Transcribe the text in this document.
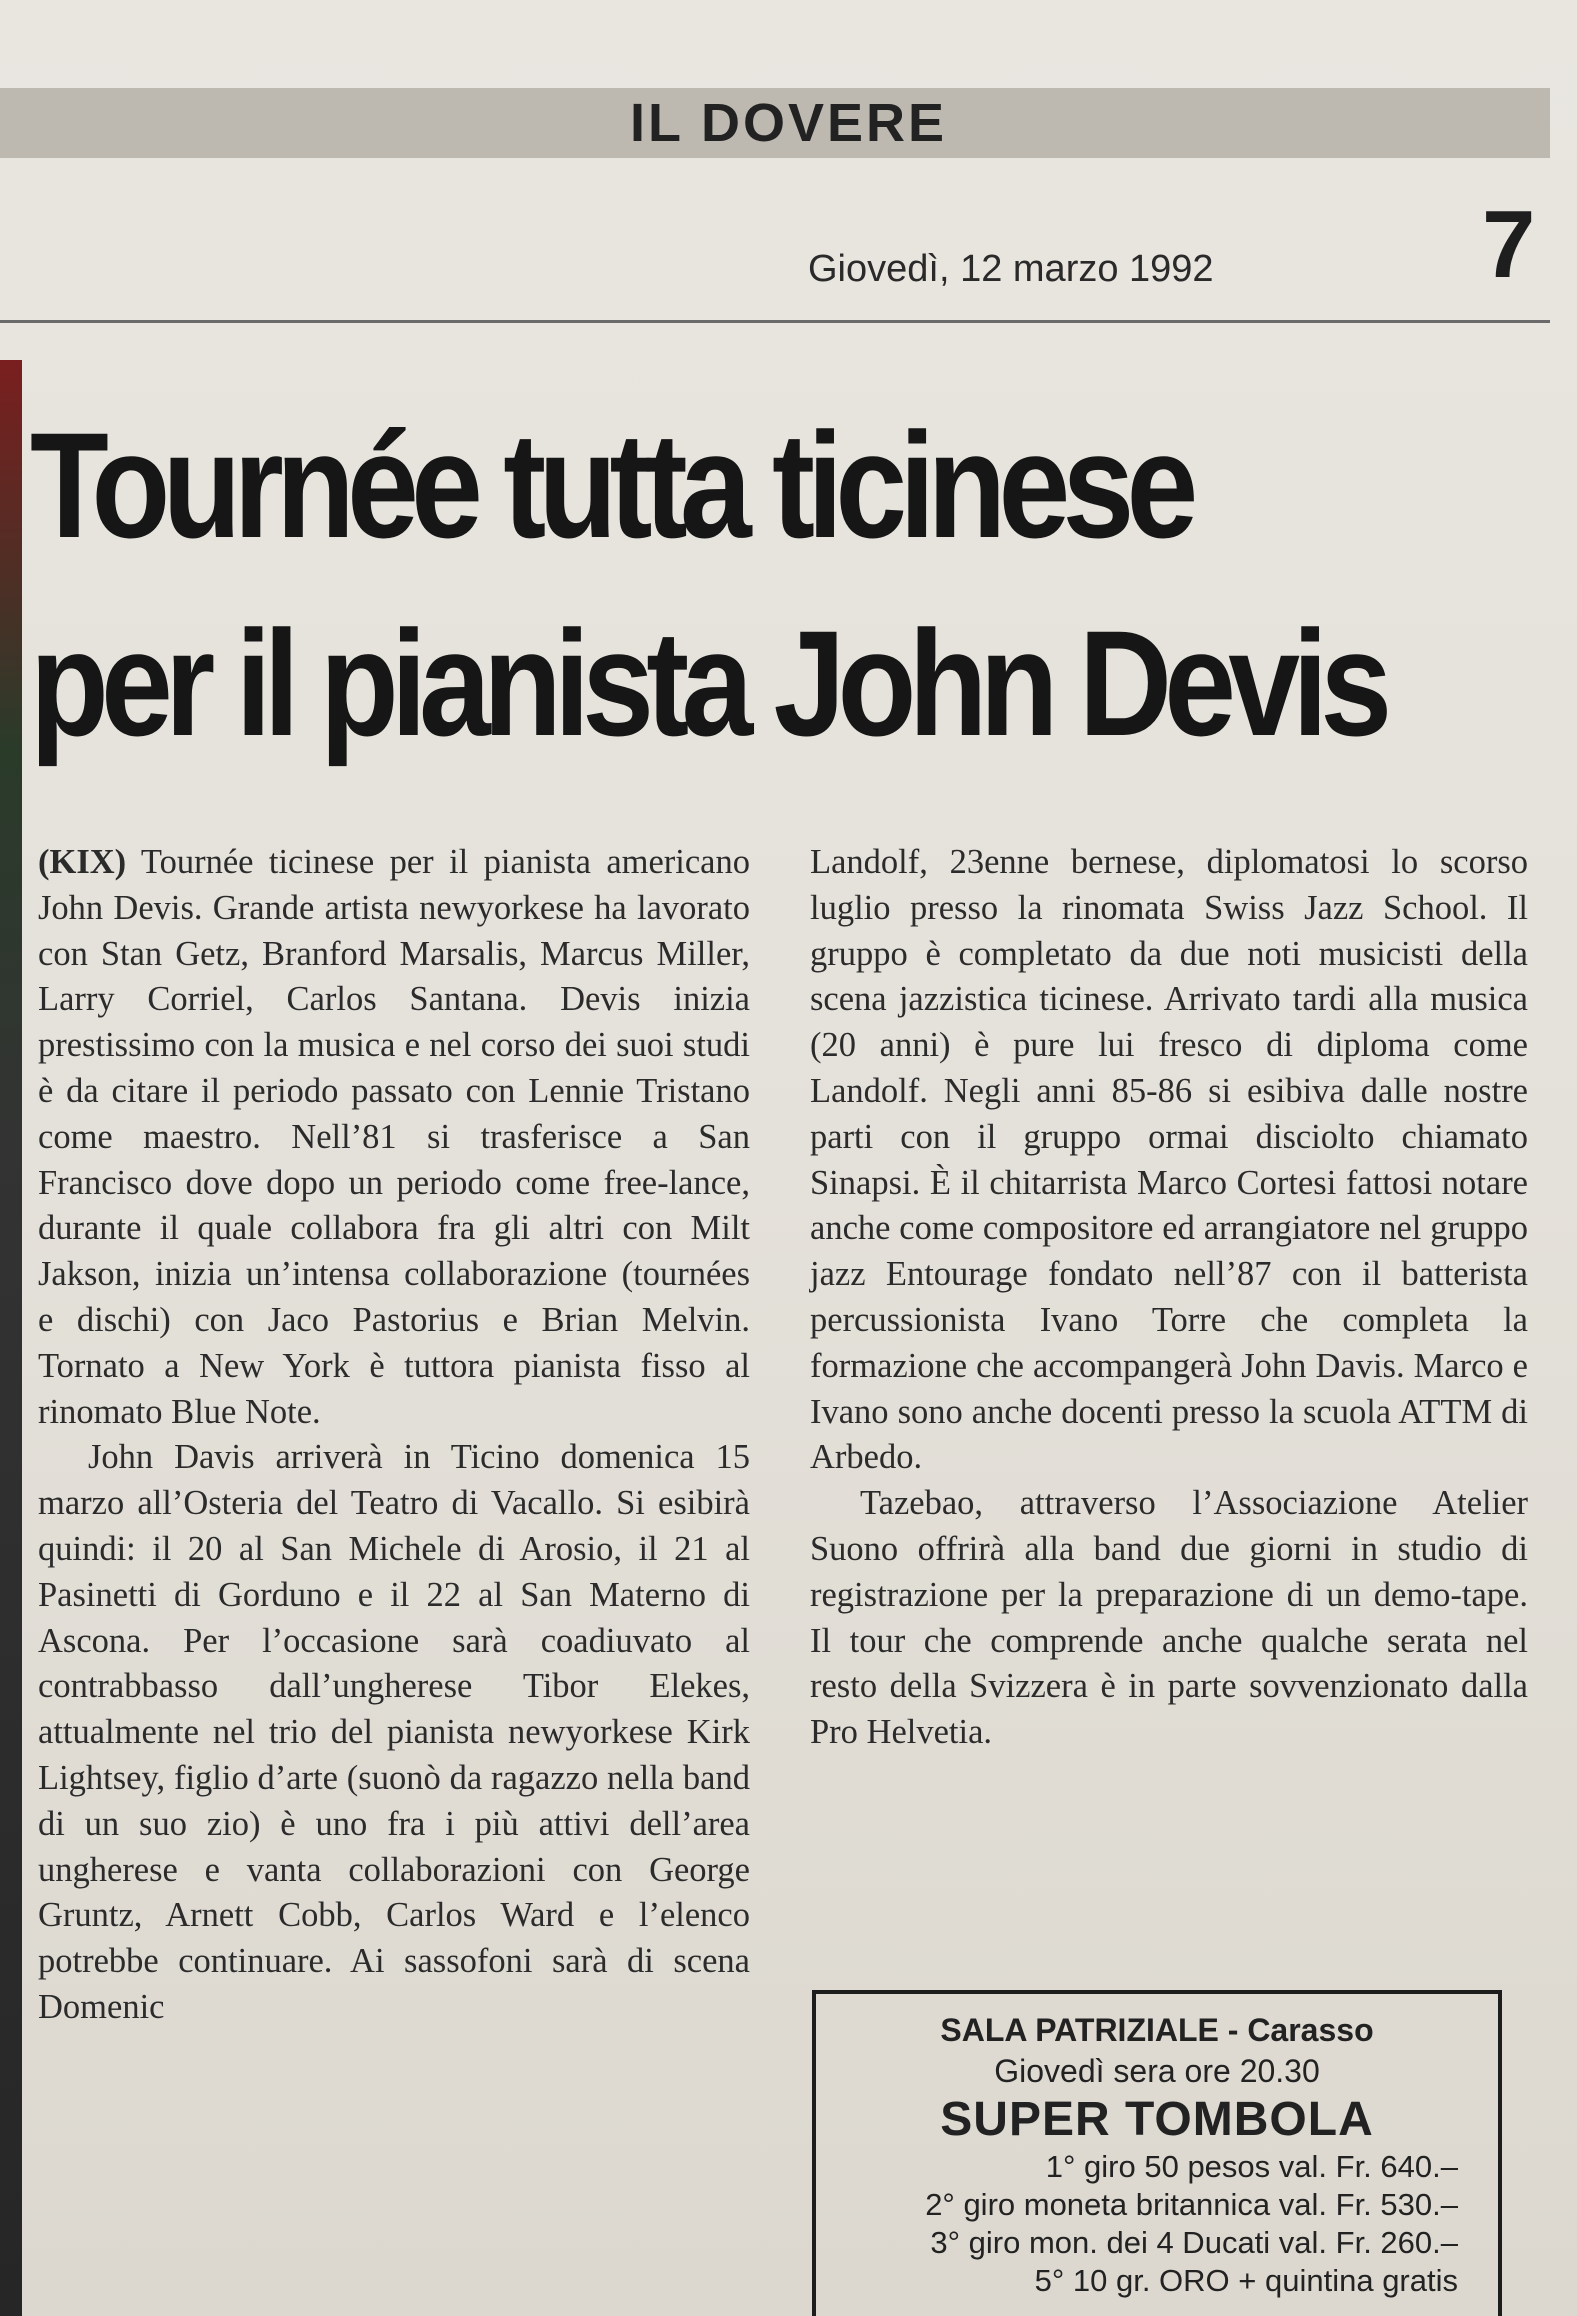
IL DOVERE
Giovedì, 12 marzo 1992	7
Tournée tutta ticinese
per il pianista John Devis

(KIX) Tournée ticinese per il pianista americano John Devis. Grande artista newyorkese ha lavorato con Stan Getz, Branford Marsalis, Marcus Miller, Larry Corriel, Carlos Santana. Devis inizia prestissimo con la musica e nel corso dei suoi studi è da citare il periodo passato con Lennie Tristano come maestro. Nell’81 si trasferisce a San Francisco dove dopo un periodo come free-lance, durante il quale collabora fra gli altri con Milt Jakson, inizia un’intensa collaborazione (tournées e dischi) con Jaco Pastorius e Brian Melvin. Tornato a New York è tuttora pianista fisso al rinomato Blue Note.

John Davis arriverà in Ticino domenica 15 marzo all’Osteria del Teatro di Vacallo. Si esibirà quindi: il 20 al San Michele di Arosio, il 21 al Pasinetti di Gorduno e il 22 al San Materno di Ascona. Per l’occasione sarà coadiuvato al contrabbasso dall’ungherese Tibor Elekes, attualmente nel trio del pianista newyorkese Kirk Lightsey, figlio d’arte (suonò da ragazzo nella band di un suo zio) è uno fra i più attivi dell’area ungherese e vanta collaborazioni con George Gruntz, Arnett Cobb, Carlos Ward e l’elenco potrebbe continuare. Ai sassofoni sarà di scena Domenic

Landolf, 23enne bernese, diplomatosi lo scorso luglio presso la rinomata Swiss Jazz School. Il gruppo è completato da due noti musicisti della scena jazzistica ticinese. Arrivato tardi alla musica (20 anni) è pure lui fresco di diploma come Landolf. Negli anni 85-86 si esibiva dalle nostre parti con il gruppo ormai disciolto chiamato Sinapsi. È il chitarrista Marco Cortesi fattosi notare anche come compositore ed arrangiatore nel gruppo jazz Entourage fondato nell’87 con il batterista percussionista Ivano Torre che completa la formazione che accompangerà John Davis. Marco e Ivano sono anche docenti presso la scuola ATTM di Arbedo.

Tazebao, attraverso l’Associazione Atelier Suono offrirà alla band due giorni in studio di registrazione per la preparazione di un demo-tape. Il tour che comprende anche qualche serata nel resto della Svizzera è in parte sovvenzionato dalla Pro Helvetia.

SALA PATRIZIALE - Carasso
Giovedì sera ore 20.30
SUPER TOMBOLA
1° giro 50 pesos val. Fr. 640.–
2° giro moneta britannica val. Fr. 530.–
3° giro mon. dei 4 Ducati val. Fr. 260.–
5° 10 gr. ORO + quintina gratis
